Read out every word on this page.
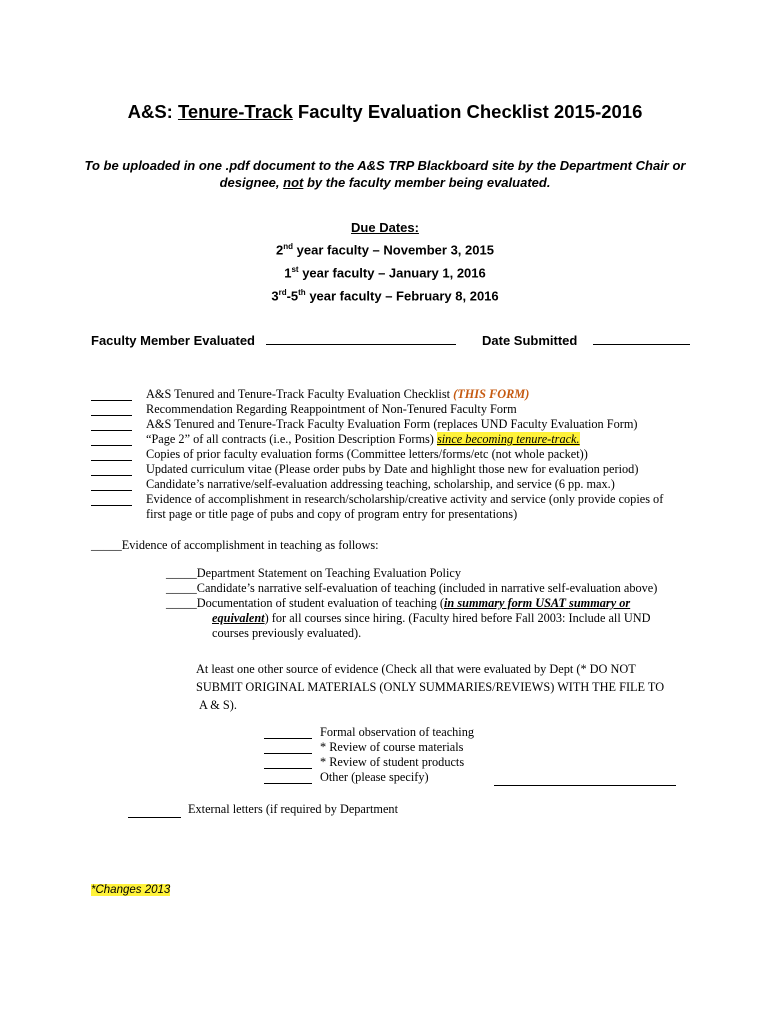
A&S: Tenure-Track Faculty Evaluation Checklist 2015-2016
To be uploaded in one .pdf document to the A&S TRP Blackboard site by the Department Chair or
designee, not by the faculty member being evaluated.
Due Dates:
2nd year faculty – November 3, 2015
1st year faculty – January 1, 2016
3rd-5th year faculty – February 8, 2016
Faculty Member Evaluated	Date Submitted
A&S Tenured and Tenure-Track Faculty Evaluation Checklist (THIS FORM)
Recommendation Regarding Reappointment of Non-Tenured Faculty Form
A&S Tenured and Tenure-Track Faculty Evaluation Form (replaces UND Faculty Evaluation Form)
“Page 2” of all contracts (i.e., Position Description Forms) since becoming tenure-track.
Copies of prior faculty evaluation forms (Committee letters/forms/etc (not whole packet))
Updated curriculum vitae (Please order pubs by Date and highlight those new for evaluation period)
Candidate’s narrative/self-evaluation addressing teaching, scholarship, and service (6 pp. max.)
Evidence of accomplishment in research/scholarship/creative activity and service (only provide copies of
first page or title page of pubs and copy of program entry for presentations)
_____Evidence of accomplishment in teaching as follows:
_____Department Statement on Teaching Evaluation Policy
_____Candidate’s narrative self-evaluation of teaching (included in narrative self-evaluation above)
_____Documentation of student evaluation of teaching (in summary form USAT summary or
equivalent) for all courses since hiring. (Faculty hired before Fall 2003: Include all UND
courses previously evaluated).
At least one other source of evidence (Check all that were evaluated by Dept (* DO NOT
SUBMIT ORIGINAL MATERIALS (ONLY SUMMARIES/REVIEWS) WITH THE FILE TO
A & S).
Formal observation of teaching
* Review of course materials
* Review of student products
Other (please specify)
External letters (if required by Department
*Changes 2013
